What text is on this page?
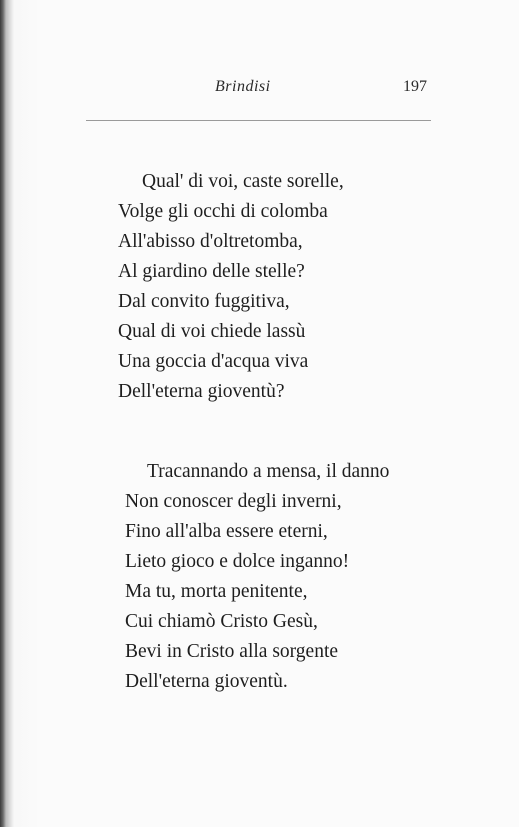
Brindisi	197
Qual' di voi, caste sorelle,
Volge gli occhi di colomba
All'abisso d'oltretomba,
Al giardino delle stelle?
Dal convito fuggitiva,
Qual di voi chiede lassù
Una goccia d'acqua viva
Dell'eterna gioventù?
Tracannando a mensa, il danno
Non conoscer degli inverni,
Fino all'alba essere eterni,
Lieto gioco e dolce inganno!
Ma tu, morta penitente,
Cui chiamò Cristo Gesù,
Bevi in Cristo alla sorgente
Dell'eterna gioventù.
